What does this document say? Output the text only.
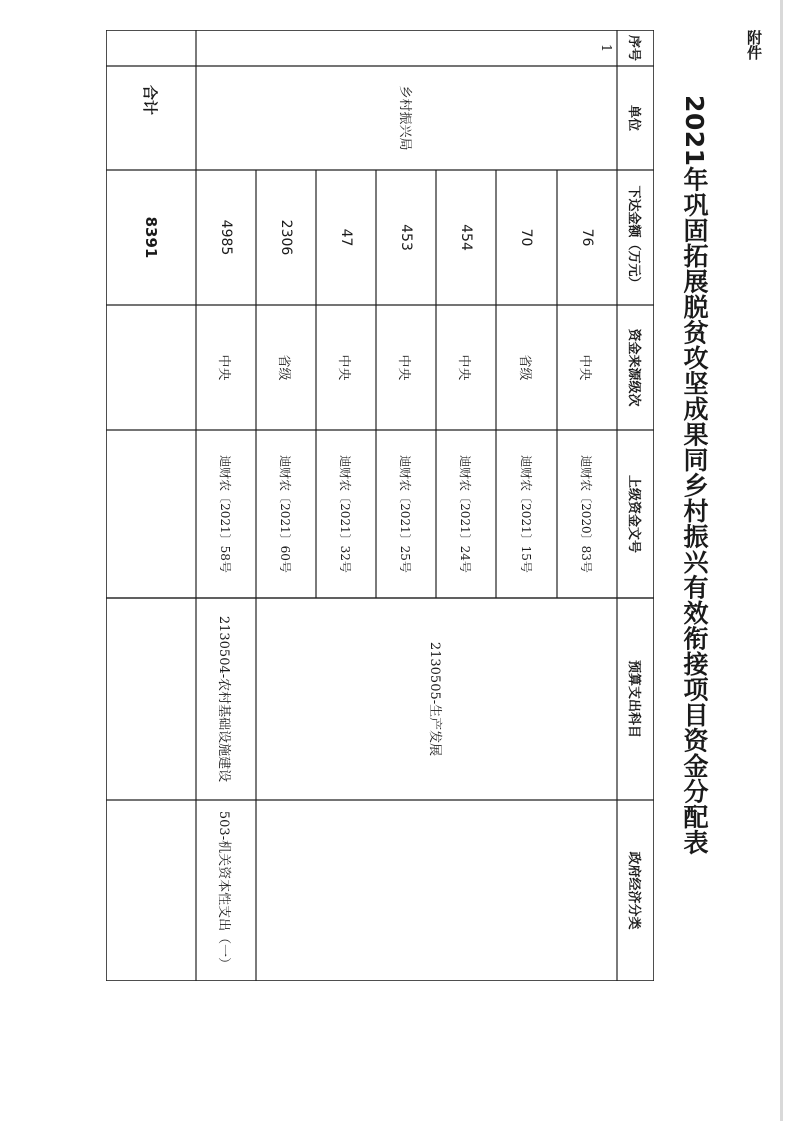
附件
2021年巩固拓展脱贫攻坚成果同乡村振兴有效衔接项目资金分配表
序号
单位
下达金额（万元）
资金来源级次
上级资金文号
预算支出科目
政府经济分类
1
乡村振兴局
76
中央
迪财农〔2020〕83号
70
省级
迪财农〔2021〕15号
454
中央
迪财农〔2021〕24号
453
中央
迪财农〔2021〕25号
47
中央
迪财农〔2021〕32号
2306
省级
迪财农〔2021〕60号
4985
中央
迪财农〔2021〕58号
2130505-生产发展
2130504-农村基础设施建设
503-机关资本性支出（一）
合计
8391
